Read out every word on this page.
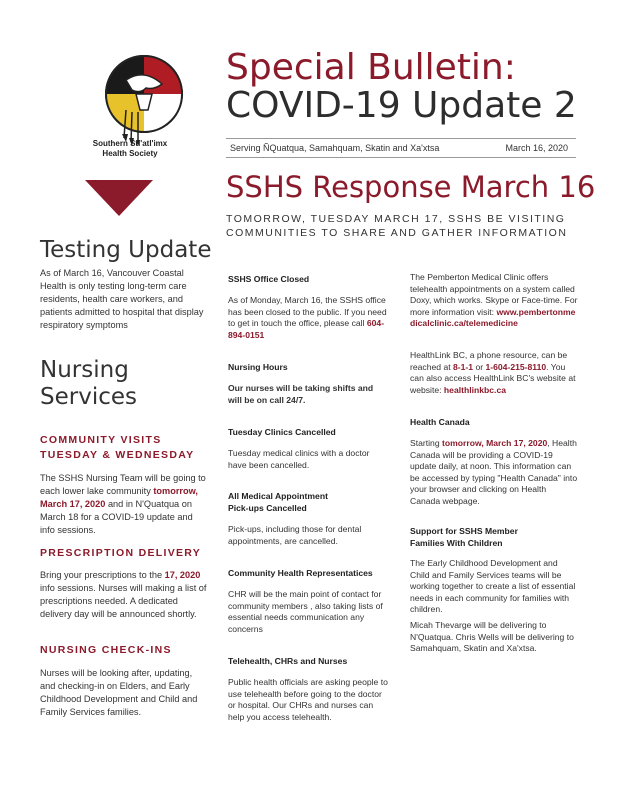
Southern Stl'atl'imx
Health Society
Special Bulletin:
COVID-19 Update 2
Serving ÑQuatqua, Samahquam, Skatin and Xa'xtsa	March 16, 2020
SSHS Response March 16
TOMORROW, TUESDAY MARCH 17, SSHS BE VISITING
COMMUNITIES TO SHARE AND GATHER INFORMATION
Testing Update
As of March 16, Vancouver Coastal Health is only testing long-term care residents, health care workers, and patients admitted to hospital that display respiratory symptoms
Nursing
Services
COMMUNITY VISITS
TUESDAY & WEDNESDAY
The SSHS Nursing Team will be going to each lower lake community tomorrow, March 17, 2020 and in N'Quatqua on March 18 for a COVID-19 update and info sessions.
PRESCRIPTION DELIVERY
Bring your prescriptions to the 17, 2020 info sessions. Nurses will making a list of prescriptions needed. A dedicated delivery day will be announced shortly.
NURSING CHECK-INS
Nurses will be looking after, updating, and checking-in on Elders, and Early Childhood Development and Child and Family Services families.
SSHS Office Closed
As of Monday, March 16, the SSHS office has been closed to the public. If you need to get in touch the office, please call 604-894-0151
Nursing Hours
Our nurses will be taking shifts and will be on call 24/7.
Tuesday Clinics Cancelled
Tuesday medical clinics with a doctor have been cancelled.
All Medical Appointment
Pick-ups Cancelled
Pick-ups, including those for dental appointments, are cancelled.
Community Health Representatices
CHR will be the main point of contact for community members , also taking lists of essential needs communication any concerns
Telehealth, CHRs and Nurses
Public health officials are asking people to use telehealth before going to the doctor or hospital. Our CHRs and nurses can help you access telehealth.
The Pemberton Medical Clinic offers telehealth appointments on a system called Doxy, which works. Skype or Face-time. For more information visit: www.pembertonmedicalclinic.ca/telemedicine
HealthLink BC, a phone resource, can be reached at 8-1-1 or 1-604-215-8110. You can also access HealthLink BC's website at website: healthlinkbc.ca
Health Canada
Starting tomorrow, March 17, 2020, Health Canada will be providing a COVID-19 update daily, at noon. This information can be accessed by typing "Health Canada" into your browser and clicking on Health Canada webpage.
Support for SSHS Member
Families With Children
The Early Childhood Development and Child and Family Services teams will be working together to create a list of essential needs in each community for families with children.
Micah Thevarge will be delivering to N'Quatqua. Chris Wells will be delivering to Samahquam, Skatin and Xa'xtsa.
